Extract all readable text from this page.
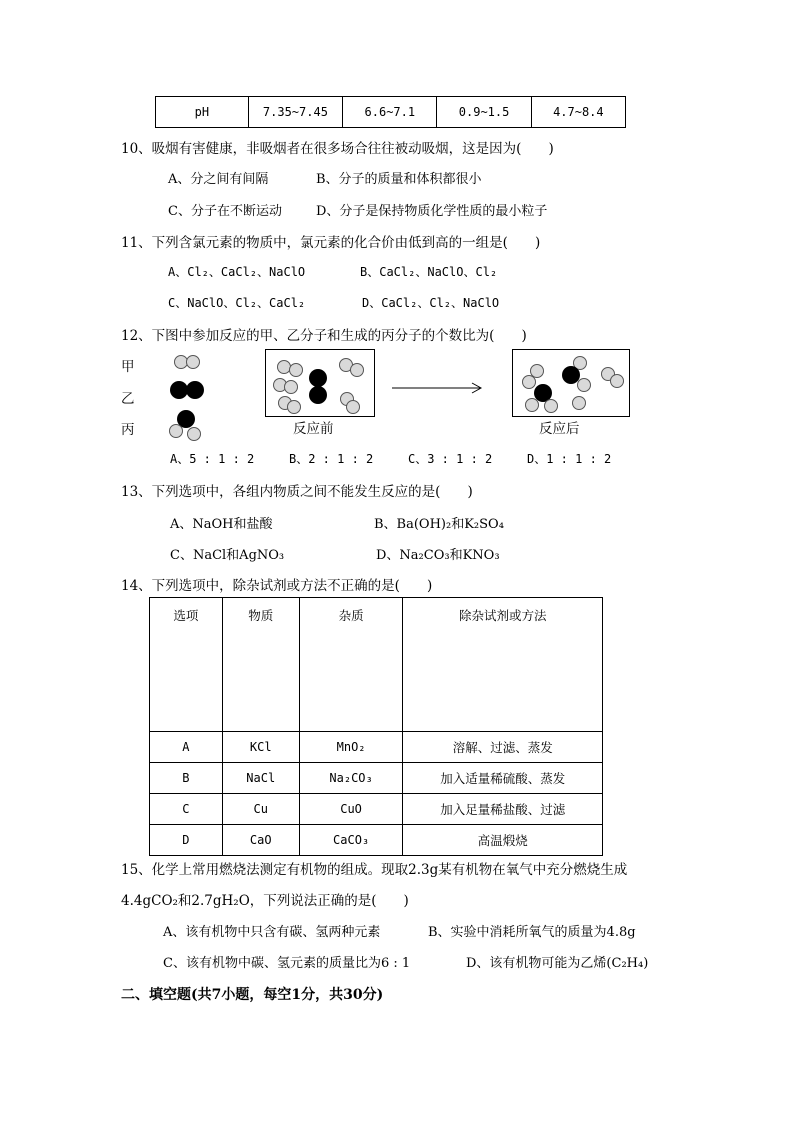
pH	7.35~7.45	6.6~7.1	0.9~1.5	4.7~8.4
10、吸烟有害健康，非吸烟者在很多场合往往被动吸烟，这是因为(　　)
A、分之间有间隔	B、分子的质量和体积都很小
C、分子在不断运动	D、分子是保持物质化学性质的最小粒子
11、下列含氯元素的物质中，氯元素的化合价由低到高的一组是(　　)
A、Cl₂、CaCl₂、NaClO	B、CaCl₂、NaClO、Cl₂
C、NaClO、Cl₂、CaCl₂	D、CaCl₂、Cl₂、NaClO
12、下图中参加反应的甲、乙分子和生成的丙分子的个数比为(　　)
甲
乙
丙	反应前	反应后
A、5 : 1 : 2	B、2 : 1 : 2	C、3 : 1 : 2	D、1 : 1 : 2
13、下列选项中，各组内物质之间不能发生反应的是(　　)
A、NaOH和盐酸	B、Ba(OH)₂和K₂SO₄
C、NaCl和AgNO₃	D、Na₂CO₃和KNO₃
14、下列选项中，除杂试剂或方法不正确的是(　　)
选项	物质	杂质	除杂试剂或方法
A	KCl	MnO₂	溶解、过滤、蒸发
B	NaCl	Na₂CO₃	加入适量稀硫酸、蒸发
C	Cu	CuO	加入足量稀盐酸、过滤
D	CaO	CaCO₃	高温煅烧
15、化学上常用燃烧法测定有机物的组成。现取2.3g某有机物在氧气中充分燃烧生成
4.4gCO₂和2.7gH₂O，下列说法正确的是(　　)
A、该有机物中只含有碳、氢两种元素	B、实验中消耗所氧气的质量为4.8g
C、该有机物中碳、氢元素的质量比为6 : 1	D、该有机物可能为乙烯(C₂H₄)
二、填空题(共7小题，每空1分，共30分)
